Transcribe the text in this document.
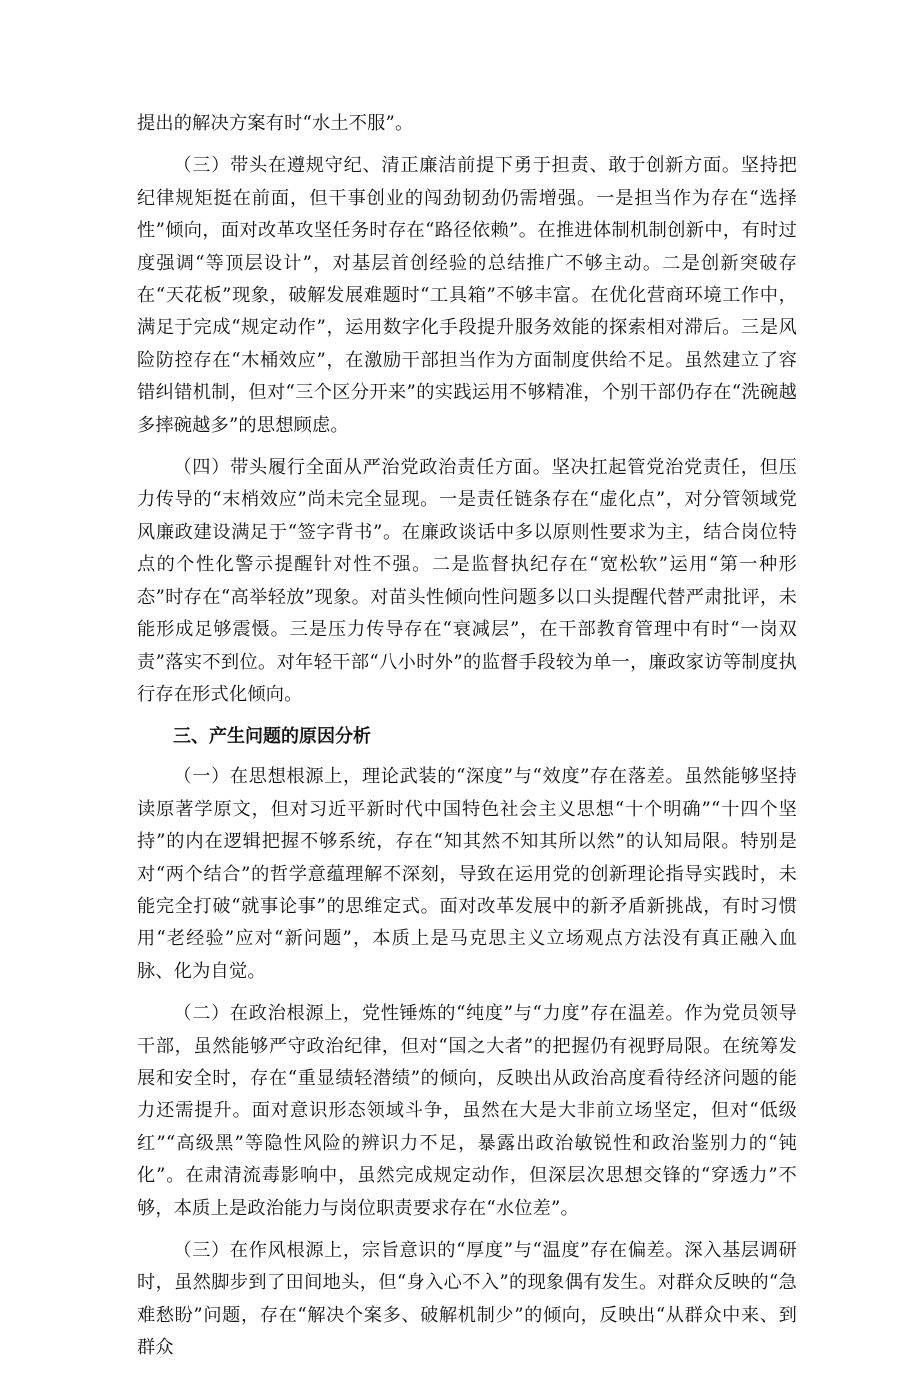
提出的解决方案有时“水土不服”。

（三）带头在遵规守纪、清正廉洁前提下勇于担责、敢于创新方面。坚持把纪律规矩挺在前面，但干事创业的闯劲韧劲仍需增强。一是担当作为存在“选择性”倾向，面对改革攻坚任务时存在“路径依赖”。在推进体制机制创新中，有时过度强调“等顶层设计”，对基层首创经验的总结推广不够主动。二是创新突破存在“天花板”现象，破解发展难题时“工具箱”不够丰富。在优化营商环境工作中，满足于完成“规定动作”，运用数字化手段提升服务效能的探索相对滞后。三是风险防控存在“木桶效应”，在激励干部担当作为方面制度供给不足。虽然建立了容错纠错机制，但对“三个区分开来”的实践运用不够精准，个别干部仍存在“洗碗越多摔碗越多”的思想顾虑。

（四）带头履行全面从严治党政治责任方面。坚决扛起管党治党责任，但压力传导的“末梢效应”尚未完全显现。一是责任链条存在“虚化点”，对分管领域党风廉政建设满足于“签字背书”。在廉政谈话中多以原则性要求为主，结合岗位特点的个性化警示提醒针对性不强。二是监督执纪存在“宽松软”运用“第一种形态”时存在“高举轻放”现象。对苗头性倾向性问题多以口头提醒代替严肃批评，未能形成足够震慑。三是压力传导存在“衰减层”，在干部教育管理中有时“一岗双责”落实不到位。对年轻干部“八小时外”的监督手段较为单一，廉政家访等制度执行存在形式化倾向。

三、产生问题的原因分析

（一）在思想根源上，理论武装的“深度”与“效度”存在落差。虽然能够坚持读原著学原文，但对习近平新时代中国特色社会主义思想“十个明确”“十四个坚持”的内在逻辑把握不够系统，存在“知其然不知其所以然”的认知局限。特别是对“两个结合”的哲学意蕴理解不深刻，导致在运用党的创新理论指导实践时，未能完全打破“就事论事”的思维定式。面对改革发展中的新矛盾新挑战，有时习惯用“老经验”应对“新问题”，本质上是马克思主义立场观点方法没有真正融入血脉、化为自觉。

（二）在政治根源上，党性锤炼的“纯度”与“力度”存在温差。作为党员领导干部，虽然能够严守政治纪律，但对“国之大者”的把握仍有视野局限。在统筹发展和安全时，存在“重显绩轻潜绩”的倾向，反映出从政治高度看待经济问题的能力还需提升。面对意识形态领域斗争，虽然在大是大非前立场坚定，但对“低级红”“高级黑”等隐性风险的辨识力不足，暴露出政治敏锐性和政治鉴别力的“钝化”。在肃清流毒影响中，虽然完成规定动作，但深层次思想交锋的“穿透力”不够，本质上是政治能力与岗位职责要求存在“水位差”。

（三）在作风根源上，宗旨意识的“厚度”与“温度”存在偏差。深入基层调研时，虽然脚步到了田间地头，但“身入心不入”的现象偶有发生。对群众反映的“急难愁盼”问题，存在“解决个案多、破解机制少”的倾向，反映出“从群众中来、到群众
